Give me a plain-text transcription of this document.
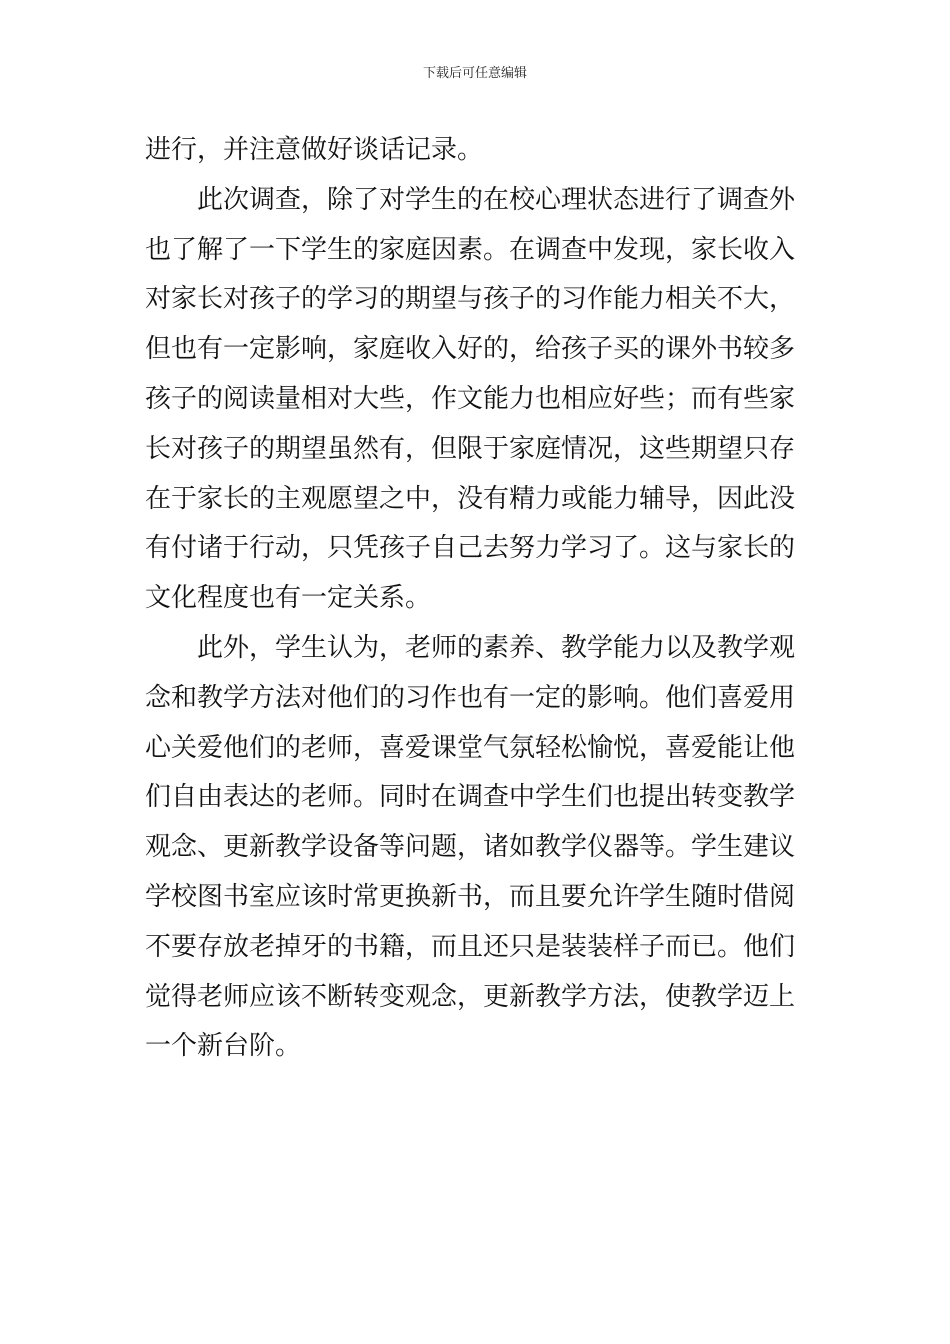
下载后可任意编辑
进行，并注意做好谈话记录。
　　此次调查，除了对学生的在校心理状态进行了调查外
也了解了一下学生的家庭因素。在调查中发现，家长收入
对家长对孩子的学习的期望与孩子的习作能力相关不大，
但也有一定影响，家庭收入好的，给孩子买的课外书较多
孩子的阅读量相对大些，作文能力也相应好些；而有些家
长对孩子的期望虽然有，但限于家庭情况，这些期望只存
在于家长的主观愿望之中，没有精力或能力辅导，因此没
有付诸于行动，只凭孩子自己去努力学习了。这与家长的
文化程度也有一定关系。
　　此外，学生认为，老师的素养、教学能力以及教学观
念和教学方法对他们的习作也有一定的影响。他们喜爱用
心关爱他们的老师，喜爱课堂气氛轻松愉悦，喜爱能让他
们自由表达的老师。同时在调查中学生们也提出转变教学
观念、更新教学设备等问题，诸如教学仪器等。学生建议
学校图书室应该时常更换新书，而且要允许学生随时借阅
不要存放老掉牙的书籍，而且还只是装装样子而已。他们
觉得老师应该不断转变观念，更新教学方法，使教学迈上
一个新台阶。
